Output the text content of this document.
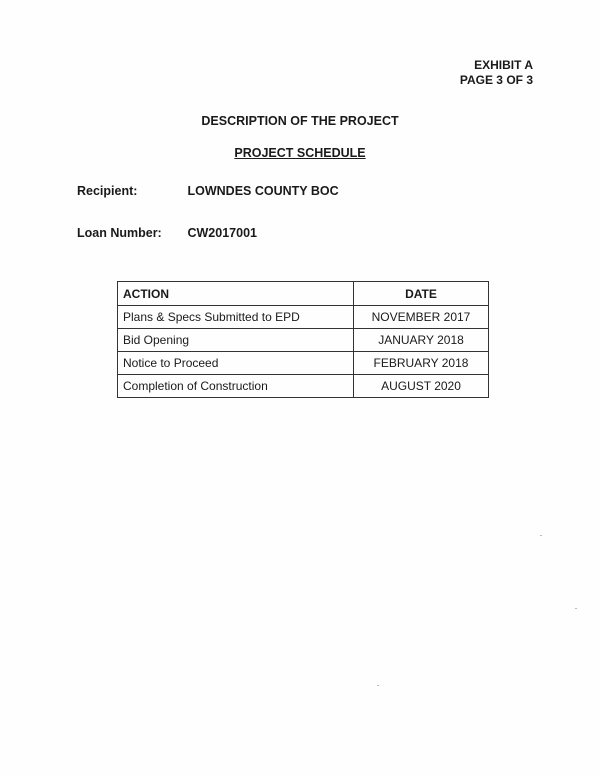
EXHIBIT A
PAGE 3 OF 3
DESCRIPTION OF THE PROJECT
PROJECT SCHEDULE
Recipient:	LOWNDES COUNTY BOC
Loan Number: CW2017001
ACTION	DATE
Plans & Specs Submitted to EPD	NOVEMBER 2017
Bid Opening	JANUARY 2018
Notice to Proceed	FEBRUARY 2018
Completion of Construction	AUGUST 2020
